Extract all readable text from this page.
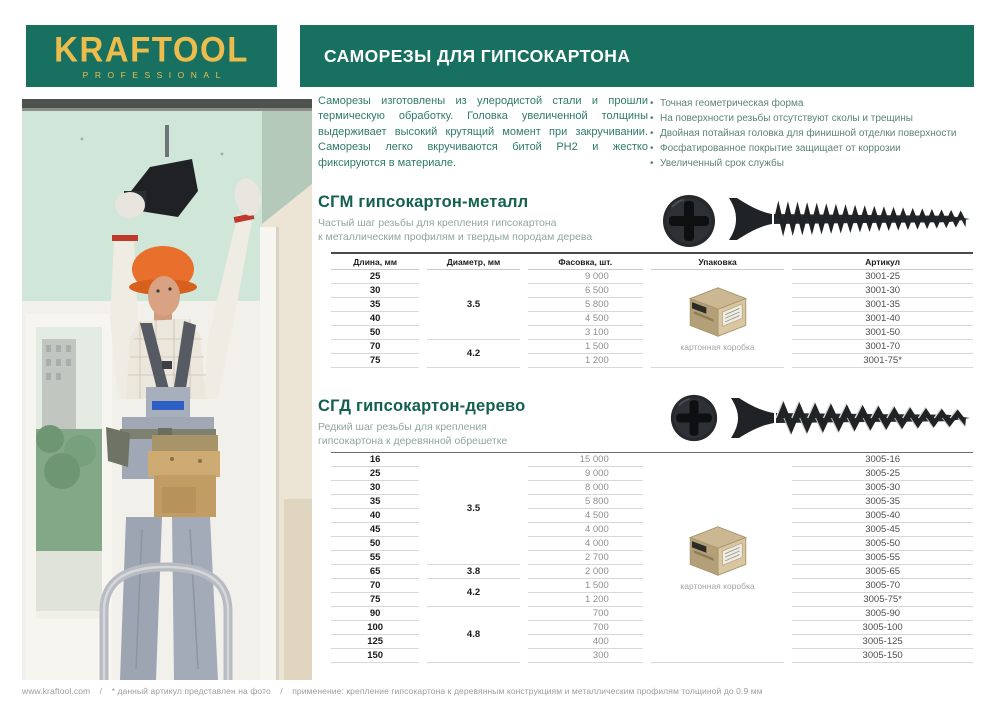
KRAFTOOL
PROFESSIONAL
САМОРЕЗЫ ДЛЯ ГИПСОКАРТОНА

Саморезы изготовлены из улеродистой стали и прошли термическую обработку. Головка увеличенной толщины выдерживает высокий крутящий момент при закручивании. Саморезы легко вкручиваются битой PH2 и жестко фиксируются в материале.

• Точная геометрическая форма
• На поверхности резьбы отсутствуют сколы и трещины
• Двойная потайная головка для финишной отделки поверхности
• Фосфатированное покрытие защищает от коррозии
• Увеличенный срок службы
СГМ гипсокартон-металл

Частый шаг резьбы для крепления гипсокартона
к металлическим профилям и твердым породам дерева

Длина, мм	Диаметр, мм	Фасовка, шт.	Упаковка	Артикул
25	3.5	9 000	картонная коробка	3001-25
30		6 500		3001-30
35		5 800		3001-35
40		4 500		3001-40
50		3 100		3001-50
70	4.2	1 500		3001-70
75		1 200		3001-75*
СГД гипсокартон-дерево

Редкий шаг резьбы для крепления
гипсокартона к деревянной обрешетке

16	3.5	15 000	картонная коробка	3005-16
25		9 000		3005-25
30		8 000		3005-30
35		5 800		3005-35
40		4 500		3005-40
45		4 000		3005-45
50		4 000		3005-50
55		2 700		3005-55
65	3.8	2 000		3005-65
70	4.2	1 500		3005-70
75		1 200		3005-75*
90	4.8	700		3005-90
100		700		3005-100
125		400		3005-125
150		300		3005-150
www.kraftool.com / * данный артикул представлен на фото / применение: крепление гипсокартона к деревянным конструкциям и металлическим профилям толщиной до 0.9 мм
